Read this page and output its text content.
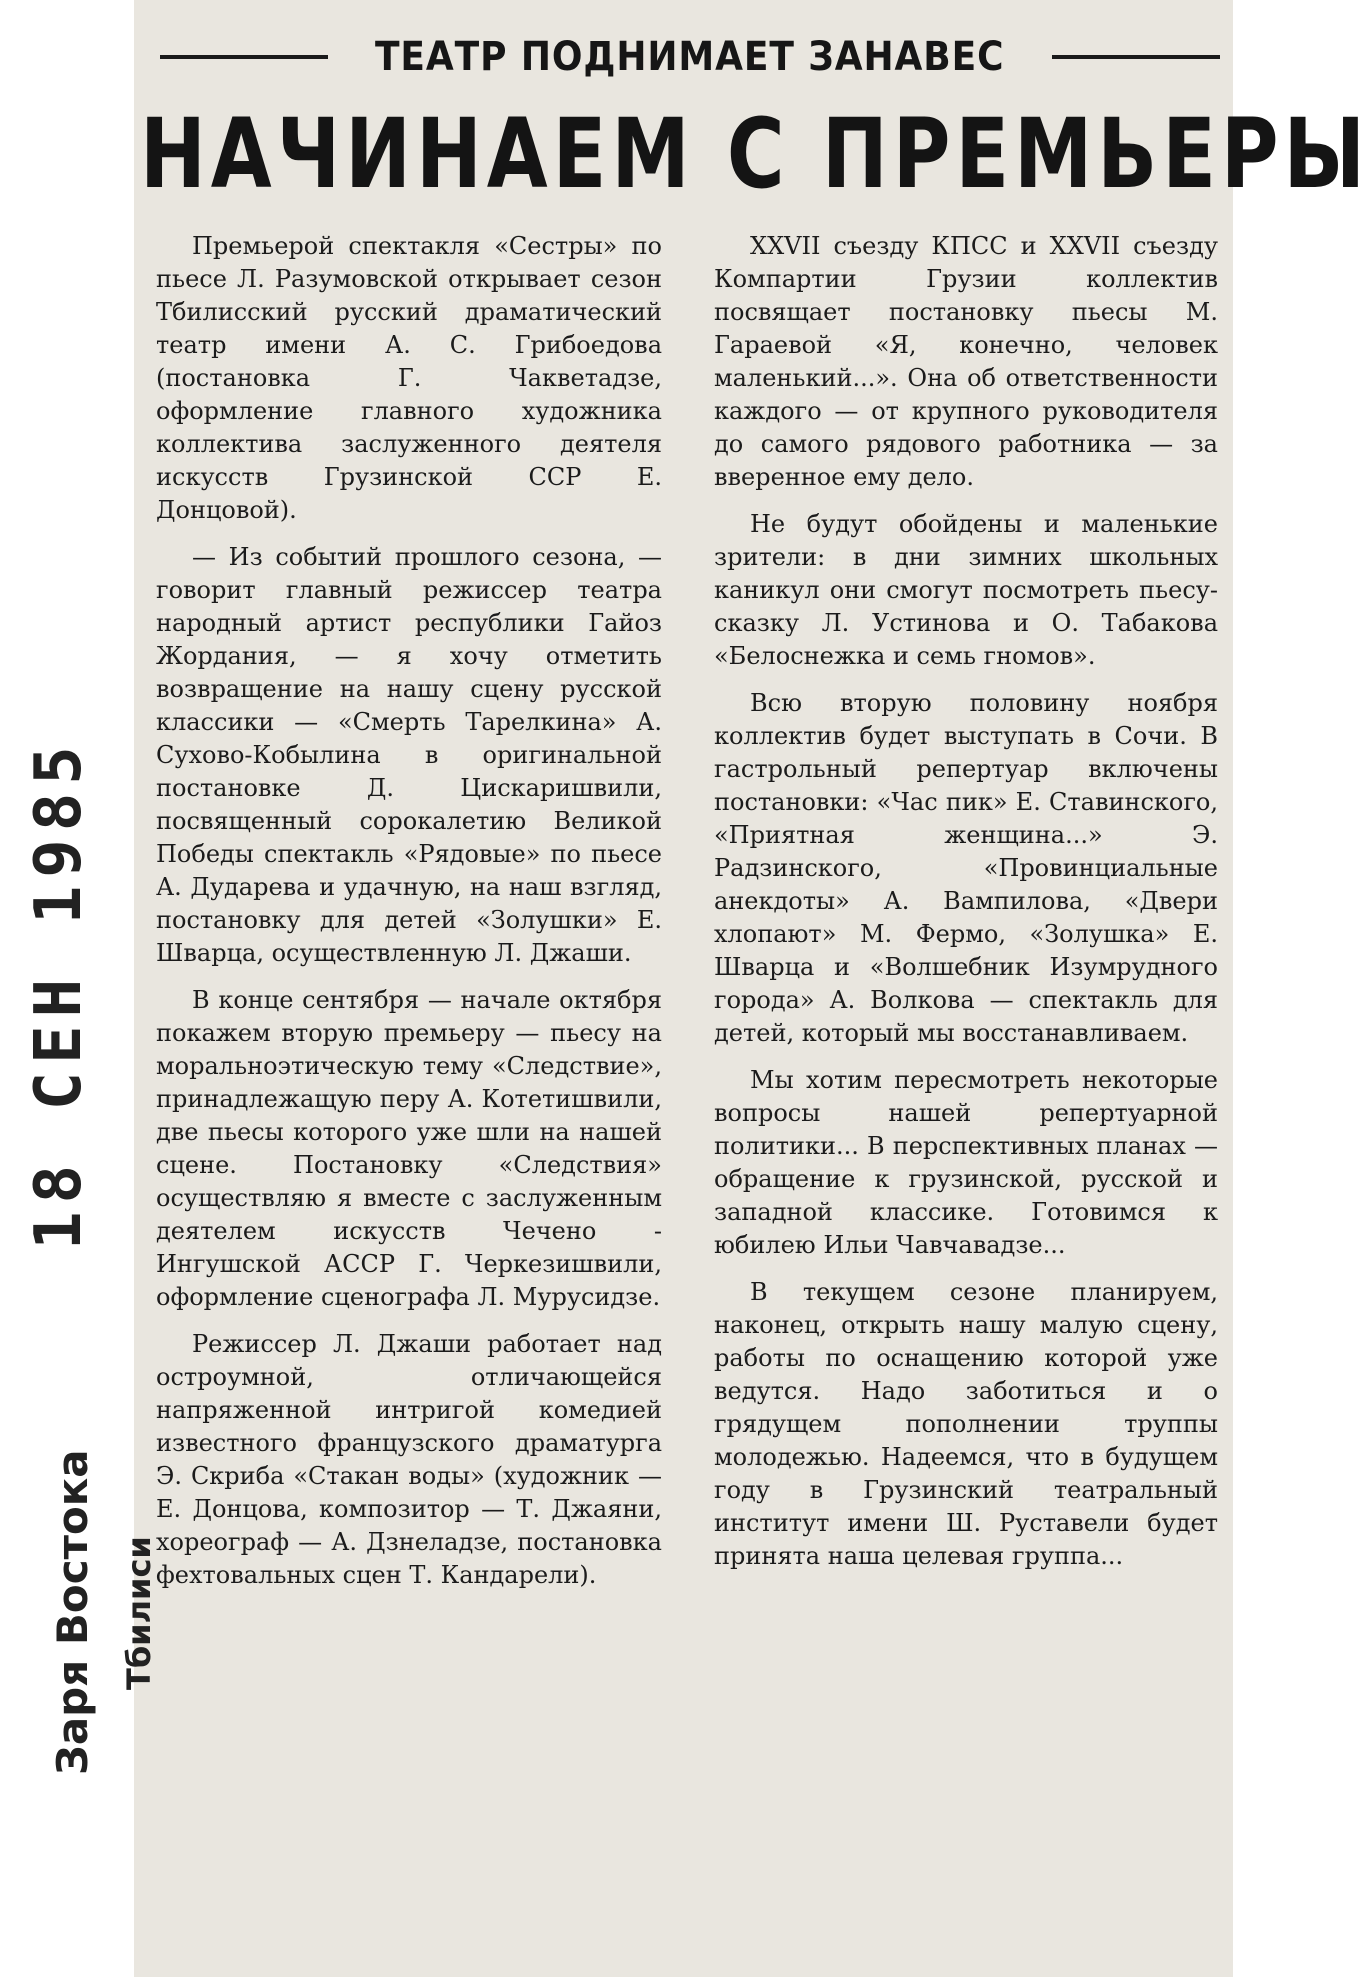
ТЕАТР ПОДНИМАЕТ ЗАНАВЕС
НАЧИНАЕМ С ПРЕМЬЕРЫ

Премьерой спектакля «Сестры» по пьесе Л. Разумовской открывает сезон Тбилисский русский драматический театр имени А. С. Грибоедова (постановка Г. Чакветадзе, оформление главного художника коллектива заслуженного деятеля искусств Грузинской ССР Е. Донцовой).

— Из событий прошлого сезона, — говорит главный режиссер театра народный артист республики Гайоз Жордания, — я хочу отметить возвращение на нашу сцену русской классики — «Смерть Тарелкина» А. Сухово-Кобылина в оригинальной постановке Д. Цискаришвили, посвященный сорокалетию Великой Победы спектакль «Рядовые» по пьесе А. Дударева и удачную, на наш взгляд, постановку для детей «Золушки» Е. Шварца, осуществленную Л. Джаши.

В конце сентября — начале октября покажем вторую премьеру — пьесу на моральноэтическую тему «Следствие», принадлежащую перу А. Котетишвили, две пьесы которого уже шли на нашей сцене. Постановку «Следствия» осуществляю я вместе с заслуженным деятелем искусств Чечено - Ингушской АССР Г. Черкезишвили, оформление сценографа Л. Мурусидзе.

Режиссер Л. Джаши работает над остроумной, отличающейся напряженной интригой комедией известного французского драматурга Э. Скриба «Стакан воды» (художник — Е. Донцова, композитор — Т. Джаяни, хореограф — А. Дзнеладзе, постановка фехтовальных сцен Т. Кандарели).

XXVII съезду КПСС и XXVII съезду Компартии Грузии коллектив посвящает постановку пьесы М. Гараевой «Я, конечно, человек маленький...». Она об ответственности каждого — от крупного руководителя до самого рядового работника — за вверенное ему дело.

Не будут обойдены и маленькие зрители: в дни зимних школьных каникул они смогут посмотреть пьесу-сказку Л. Устинова и О. Табакова «Белоснежка и семь гномов».

Всю вторую половину ноября коллектив будет выступать в Сочи. В гастрольный репертуар включены постановки: «Час пик» Е. Ставинского, «Приятная женщина...» Э. Радзинского, «Провинциальные анекдоты» А. Вампилова, «Двери хлопают» М. Фермо, «Золушка» Е. Шварца и «Волшебник Изумрудного города» А. Волкова — спектакль для детей, который мы восстанавливаем.

Мы хотим пересмотреть некоторые вопросы нашей репертуарной политики... В перспективных планах — обращение к грузинской, русской и западной классике. Готовимся к юбилею Ильи Чавчавадзе...

В текущем сезоне планируем, наконец, открыть нашу малую сцену, работы по оснащению которой уже ведутся. Надо заботиться и о грядущем пополнении труппы молодежью. Надеемся, что в будущем году в Грузинский театральный институт имени Ш. Руставели будет принята наша целевая группа...

18 СЕН 1985
Заря Востока Тбилиси
